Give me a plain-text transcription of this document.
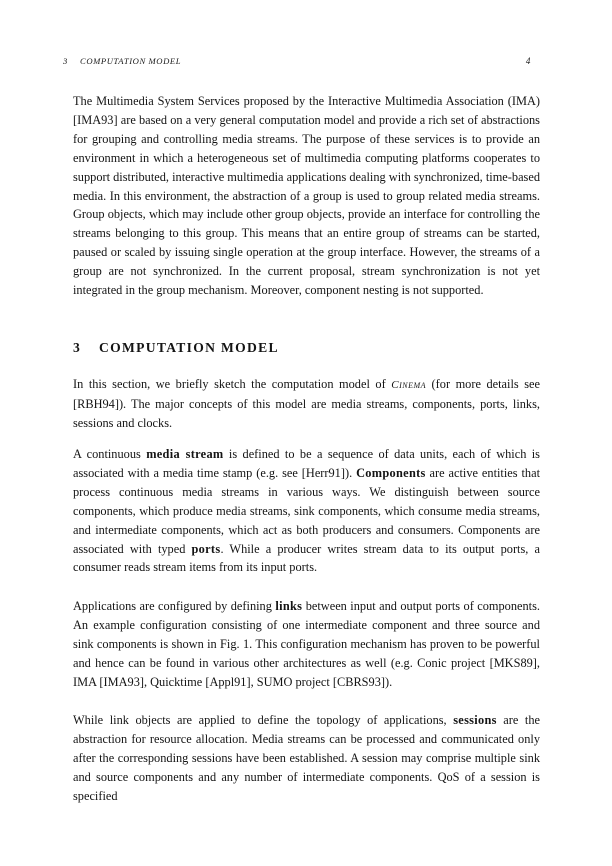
3 COMPUTATION MODEL	4

The Multimedia System Services proposed by the Interactive Multimedia Association (IMA) [IMA93] are based on a very general computation model and provide a rich set of abstractions for grouping and controlling media streams. The purpose of these services is to provide an environment in which a heterogeneous set of multimedia computing platforms cooperates to support distributed, interactive multimedia applications dealing with synchronized, time-based media. In this environment, the abstraction of a group is used to group related media streams. Group objects, which may include other group objects, provide an interface for controlling the streams belonging to this group. This means that an entire group of streams can be started, paused or scaled by issuing single operation at the group interface. However, the streams of a group are not synchronized. In the current proposal, stream synchronization is not yet integrated in the group mechanism. Moreover, component nesting is not supported.

3 COMPUTATION MODEL

In this section, we briefly sketch the computation model of Cinema (for more details see [RBH94]). The major concepts of this model are media streams, components, ports, links, sessions and clocks.

A continuous media stream is defined to be a sequence of data units, each of which is associated with a media time stamp (e.g. see [Herr91]). Components are active entities that process continuous media streams in various ways. We distinguish between source components, which produce media streams, sink components, which consume media streams, and intermediate components, which act as both producers and consumers. Components are associated with typed ports. While a producer writes stream data to its output ports, a consumer reads stream items from its input ports.

Applications are configured by defining links between input and output ports of components. An example configuration consisting of one intermediate component and three source and sink components is shown in Fig. 1. This configuration mechanism has proven to be powerful and hence can be found in various other architectures as well (e.g. Conic project [MKS89], IMA [IMA93], Quicktime [Appl91], SUMO project [CBRS93]).

While link objects are applied to define the topology of applications, sessions are the abstraction for resource allocation. Media streams can be processed and communicated only after the corresponding sessions have been established. A session may comprise multiple sink and source components and any number of intermediate components. QoS of a session is specified
